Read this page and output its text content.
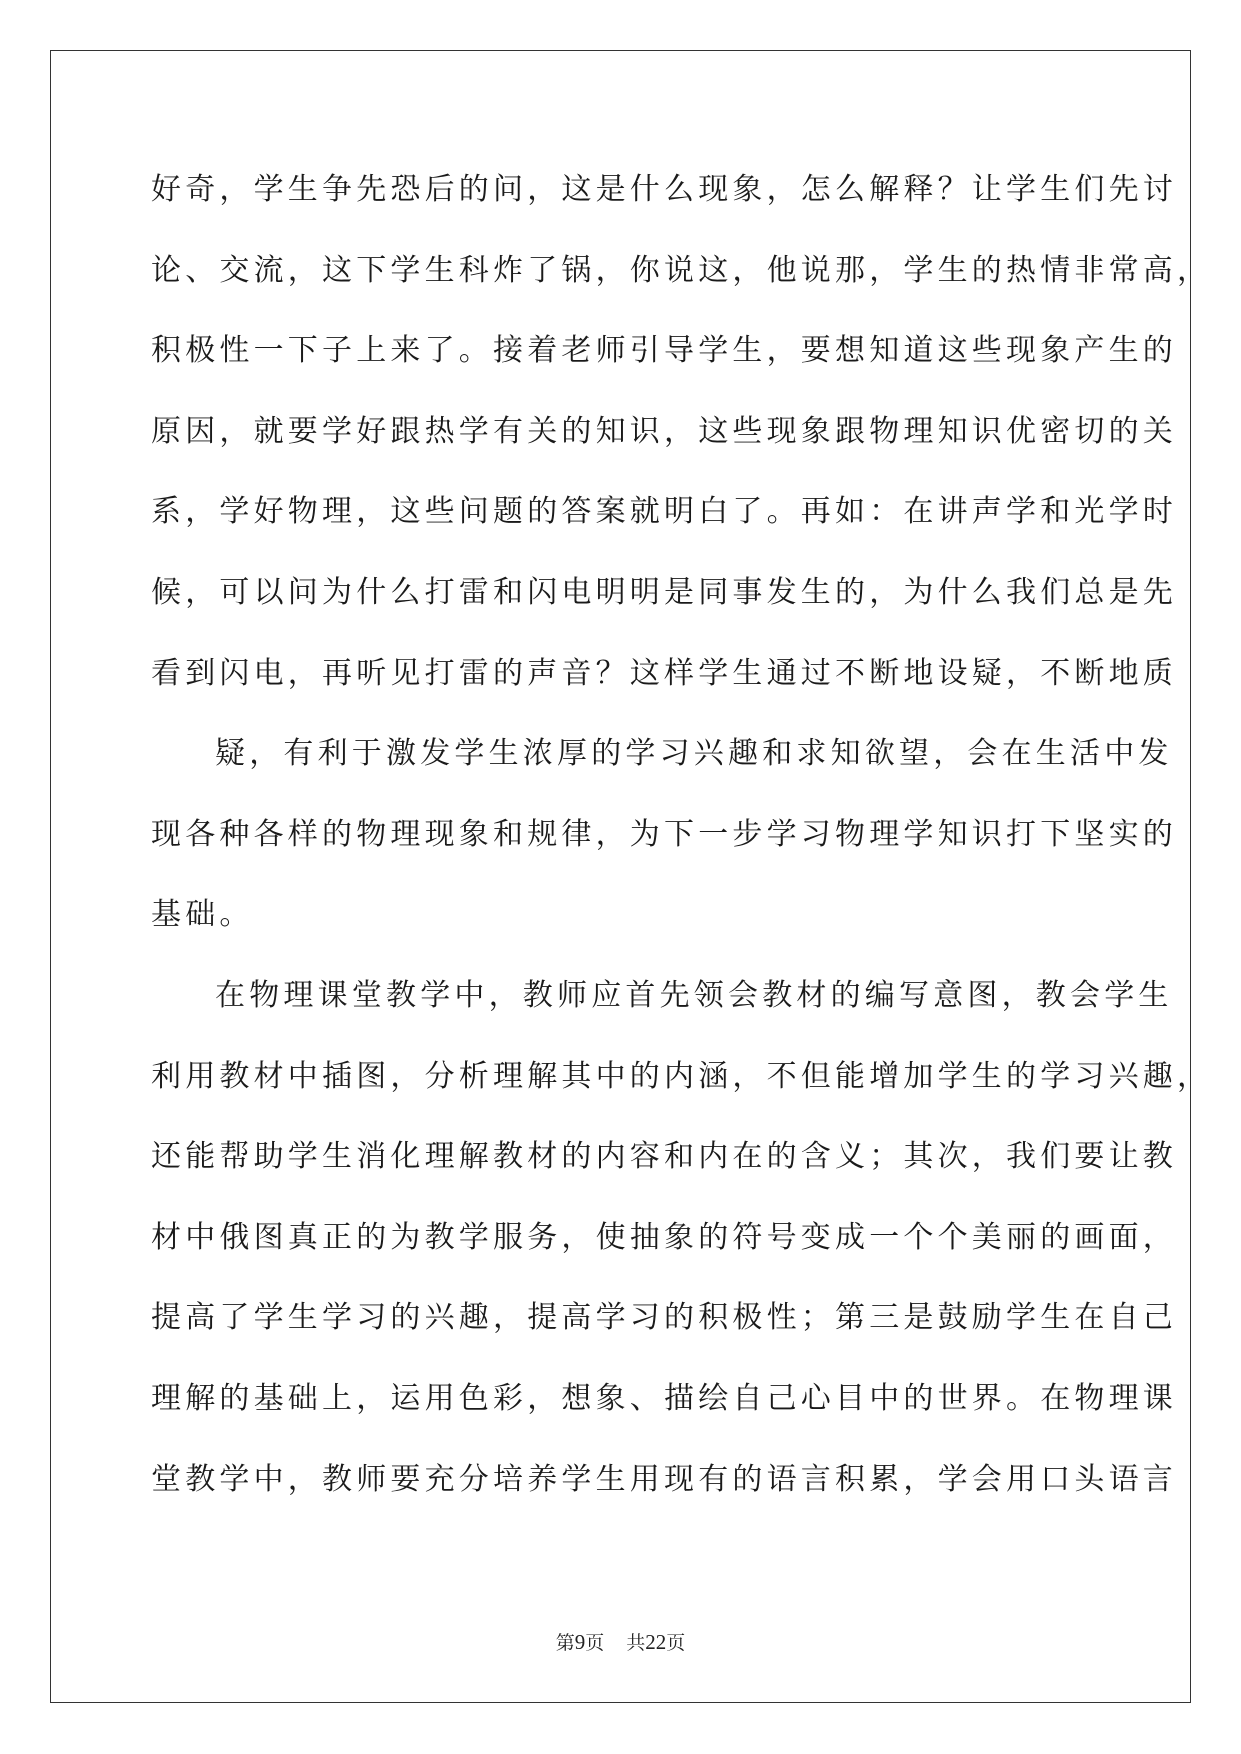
好奇，学生争先恐后的问，这是什么现象，怎么解释？让学生们先讨
论、交流，这下学生科炸了锅，你说这，他说那，学生的热情非常高，
积极性一下子上来了。接着老师引导学生，要想知道这些现象产生的
原因，就要学好跟热学有关的知识，这些现象跟物理知识优密切的关
系，学好物理，这些问题的答案就明白了。再如：在讲声学和光学时
候，可以问为什么打雷和闪电明明是同事发生的，为什么我们总是先
看到闪电，再听见打雷的声音？这样学生通过不断地设疑，不断地质
疑，有利于激发学生浓厚的学习兴趣和求知欲望，会在生活中发
现各种各样的物理现象和规律，为下一步学习物理学知识打下坚实的
基础。
在物理课堂教学中，教师应首先领会教材的编写意图，教会学生
利用教材中插图，分析理解其中的内涵，不但能增加学生的学习兴趣，
还能帮助学生消化理解教材的内容和内在的含义；其次，我们要让教
材中俄图真正的为教学服务，使抽象的符号变成一个个美丽的画面，
提高了学生学习的兴趣，提高学习的积极性；第三是鼓励学生在自己
理解的基础上，运用色彩，想象、描绘自己心目中的世界。在物理课
堂教学中，教师要充分培养学生用现有的语言积累，学会用口头语言
第9页 共22页
